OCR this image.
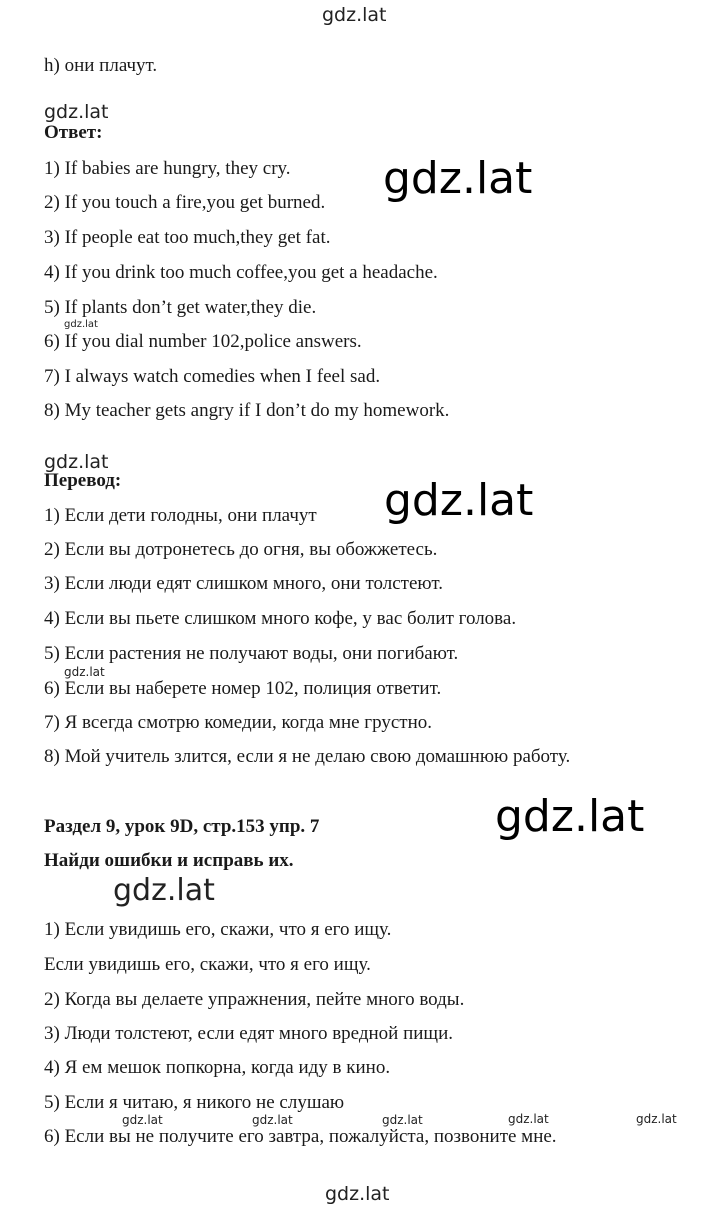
gdz.lat
gdz.lat
gdz.lat
gdz.lat
gdz.lat
gdz.lat
gdz.lat
gdz.lat
gdz.lat
gdz.lat	gdz.lat	gdz.lat	gdz.lat	gdz.lat
gdz.lat
h) они плачут.
Ответ:
1) If babies are hungry, they cry.
2) If you touch a fire,you get burned.
3) If people eat too much,they get fat.
4) If you drink too much coffee,you get a headache.
5) If plants don’t get water,they die.
6) If you dial number 102,police answers.
7) I always watch comedies when I feel sad.
8) My teacher gets angry if I don’t do my homework.
Перевод:
1) Если дети голодны, они плачут
2) Если вы дотронетесь до огня, вы обожжетесь.
3) Если люди едят слишком много, они толстеют.
4) Если вы пьете слишком много кофе, у вас болит голова.
5) Если растения не получают воды, они погибают.
6) Если вы наберете номер 102, полиция ответит.
7) Я всегда смотрю комедии, когда мне грустно.
8) Мой учитель злится, если я не делаю свою домашнюю работу.
Раздел 9, урок 9D, стр.153 упр. 7
Найди ошибки и исправь их.
1) Если увидишь его, скажи, что я его ищу.
Если увидишь его, скажи, что я его ищу.
2) Когда вы делаете упражнения, пейте много воды.
3) Люди толстеют, если едят много вредной пищи.
4) Я ем мешок попкорна, когда иду в кино.
5) Если я читаю, я никого не слушаю
6) Если вы не получите его завтра, пожалуйста, позвоните мне.
